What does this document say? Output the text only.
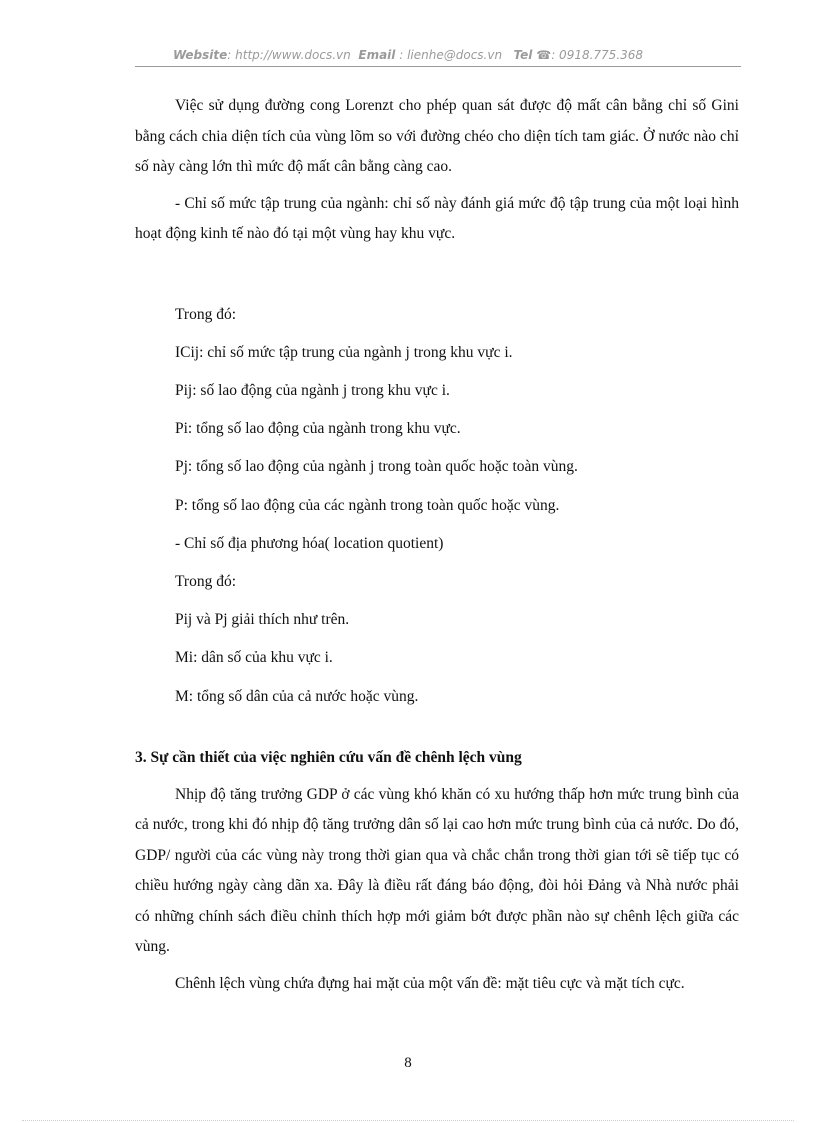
Website: http://www.docs.vn Email : lienhe@docs.vn Tel ☎: 0918.775.368

Việc sử dụng đường cong Lorenzt cho phép quan sát được độ mất cân bằng chỉ số Gini bằng cách chia diện tích của vùng lõm so với đường chéo cho diện tích tam giác. Ở nước nào chỉ số này càng lớn thì mức độ mất cân bằng càng cao.

- Chỉ số mức tập trung của ngành: chỉ số này đánh giá mức độ tập trung của một loại hình hoạt động kinh tế nào đó tại một vùng hay khu vực.

Trong đó:

ICij: chỉ số mức tập trung của ngành j trong khu vực i.

Pij: số lao động của ngành j trong khu vực i.

Pi: tổng số lao động của ngành trong khu vực.

Pj: tổng số lao động của ngành j trong toàn quốc hoặc toàn vùng.

P: tổng số lao động của các ngành trong toàn quốc hoặc vùng.

- Chỉ số địa phương hóa( location quotient)

Trong đó:

Pij và Pj giải thích như trên.

Mi: dân số của khu vực i.

M: tổng số dân của cả nước hoặc vùng.

3. Sự cần thiết của việc nghiên cứu vấn đề chênh lệch vùng

Nhịp độ tăng trưởng GDP ở các vùng khó khăn có xu hướng thấp hơn mức trung bình của cả nước, trong khi đó nhịp độ tăng trưởng dân số lại cao hơn mức trung bình của cả nước. Do đó, GDP/ người của các vùng này trong thời gian qua và chắc chắn trong thời gian tới sẽ tiếp tục có chiều hướng ngày càng dãn xa. Đây là điều rất đáng báo động, đòi hỏi Đảng và Nhà nước phải có những chính sách điều chỉnh thích hợp mới giảm bớt được phần nào sự chênh lệch giữa các vùng.

Chênh lệch vùng chứa đựng hai mặt của một vấn đề: mặt tiêu cực và mặt tích cực.

8
